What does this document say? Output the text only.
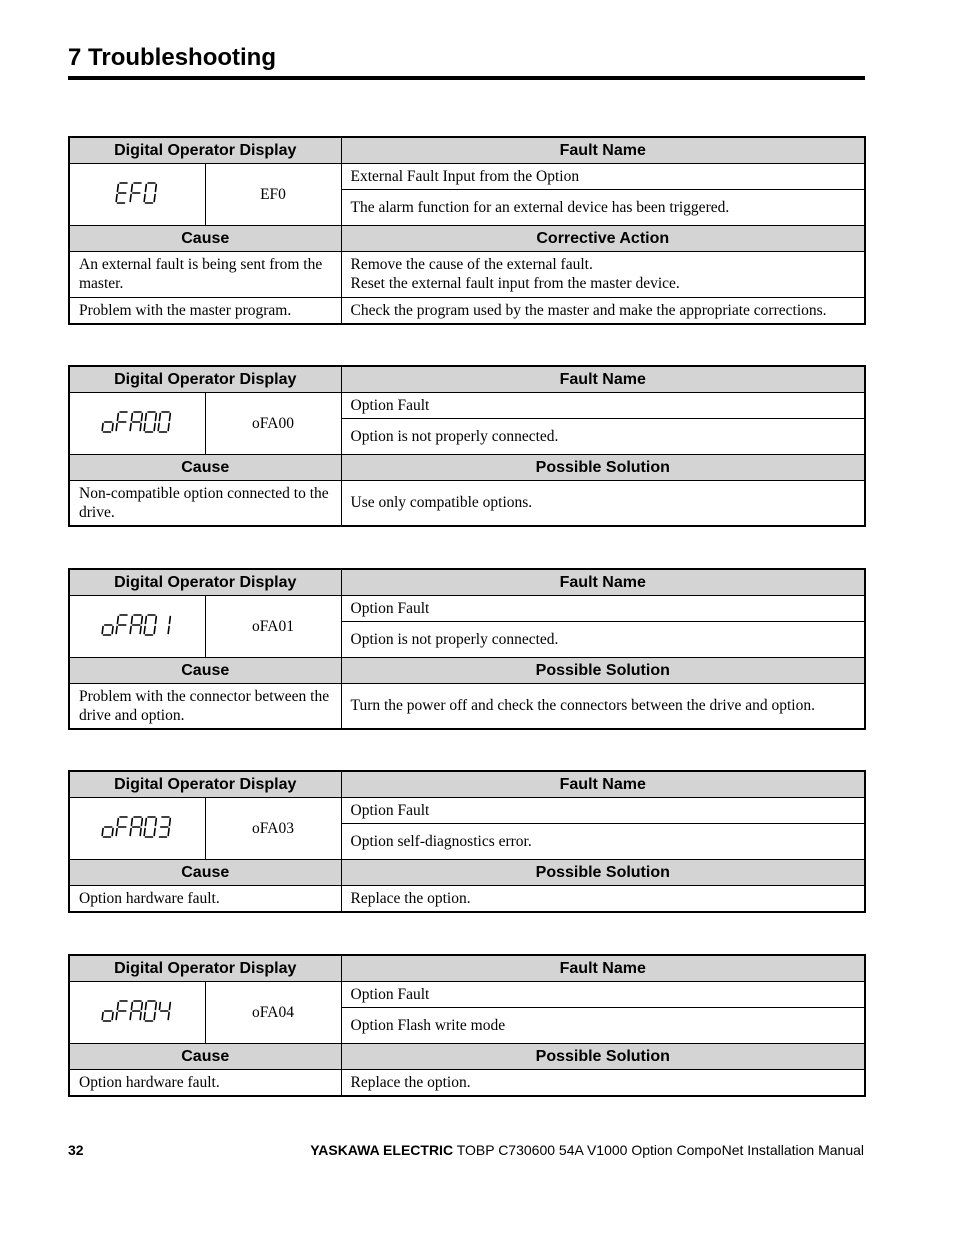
7 Troubleshooting
Digital Operator Display		Fault Name
	EF0	External Fault Input from the Option
		The alarm function for an external device has been triggered.
Cause		Corrective Action
An external fault is being sent from the master.		Remove the cause of the external fault.
Reset the external fault input from the master device.

Problem with the master program.		Check the program used by the master and make the appropriate corrections.
Digital Operator Display		Fault Name
	oFA00	Option Fault
		Option is not properly connected.
Cause		Possible Solution
Non-compatible option connected to the drive.		Use only compatible options.
Digital Operator Display		Fault Name
	oFA01	Option Fault
		Option is not properly connected.
Cause		Possible Solution
Problem with the connector between the drive and option.		Turn the power off and check the connectors between the drive and option.
Digital Operator Display		Fault Name
	oFA03	Option Fault
		Option self-diagnostics error.
Cause		Possible Solution
Option hardware fault.		Replace the option.
Digital Operator Display		Fault Name
	oFA04	Option Fault
		Option Flash write mode
Cause		Possible Solution
Option hardware fault.		Replace the option.
32	YASKAWA ELECTRIC TOBP C730600 54A V1000 Option CompoNet Installation Manual
